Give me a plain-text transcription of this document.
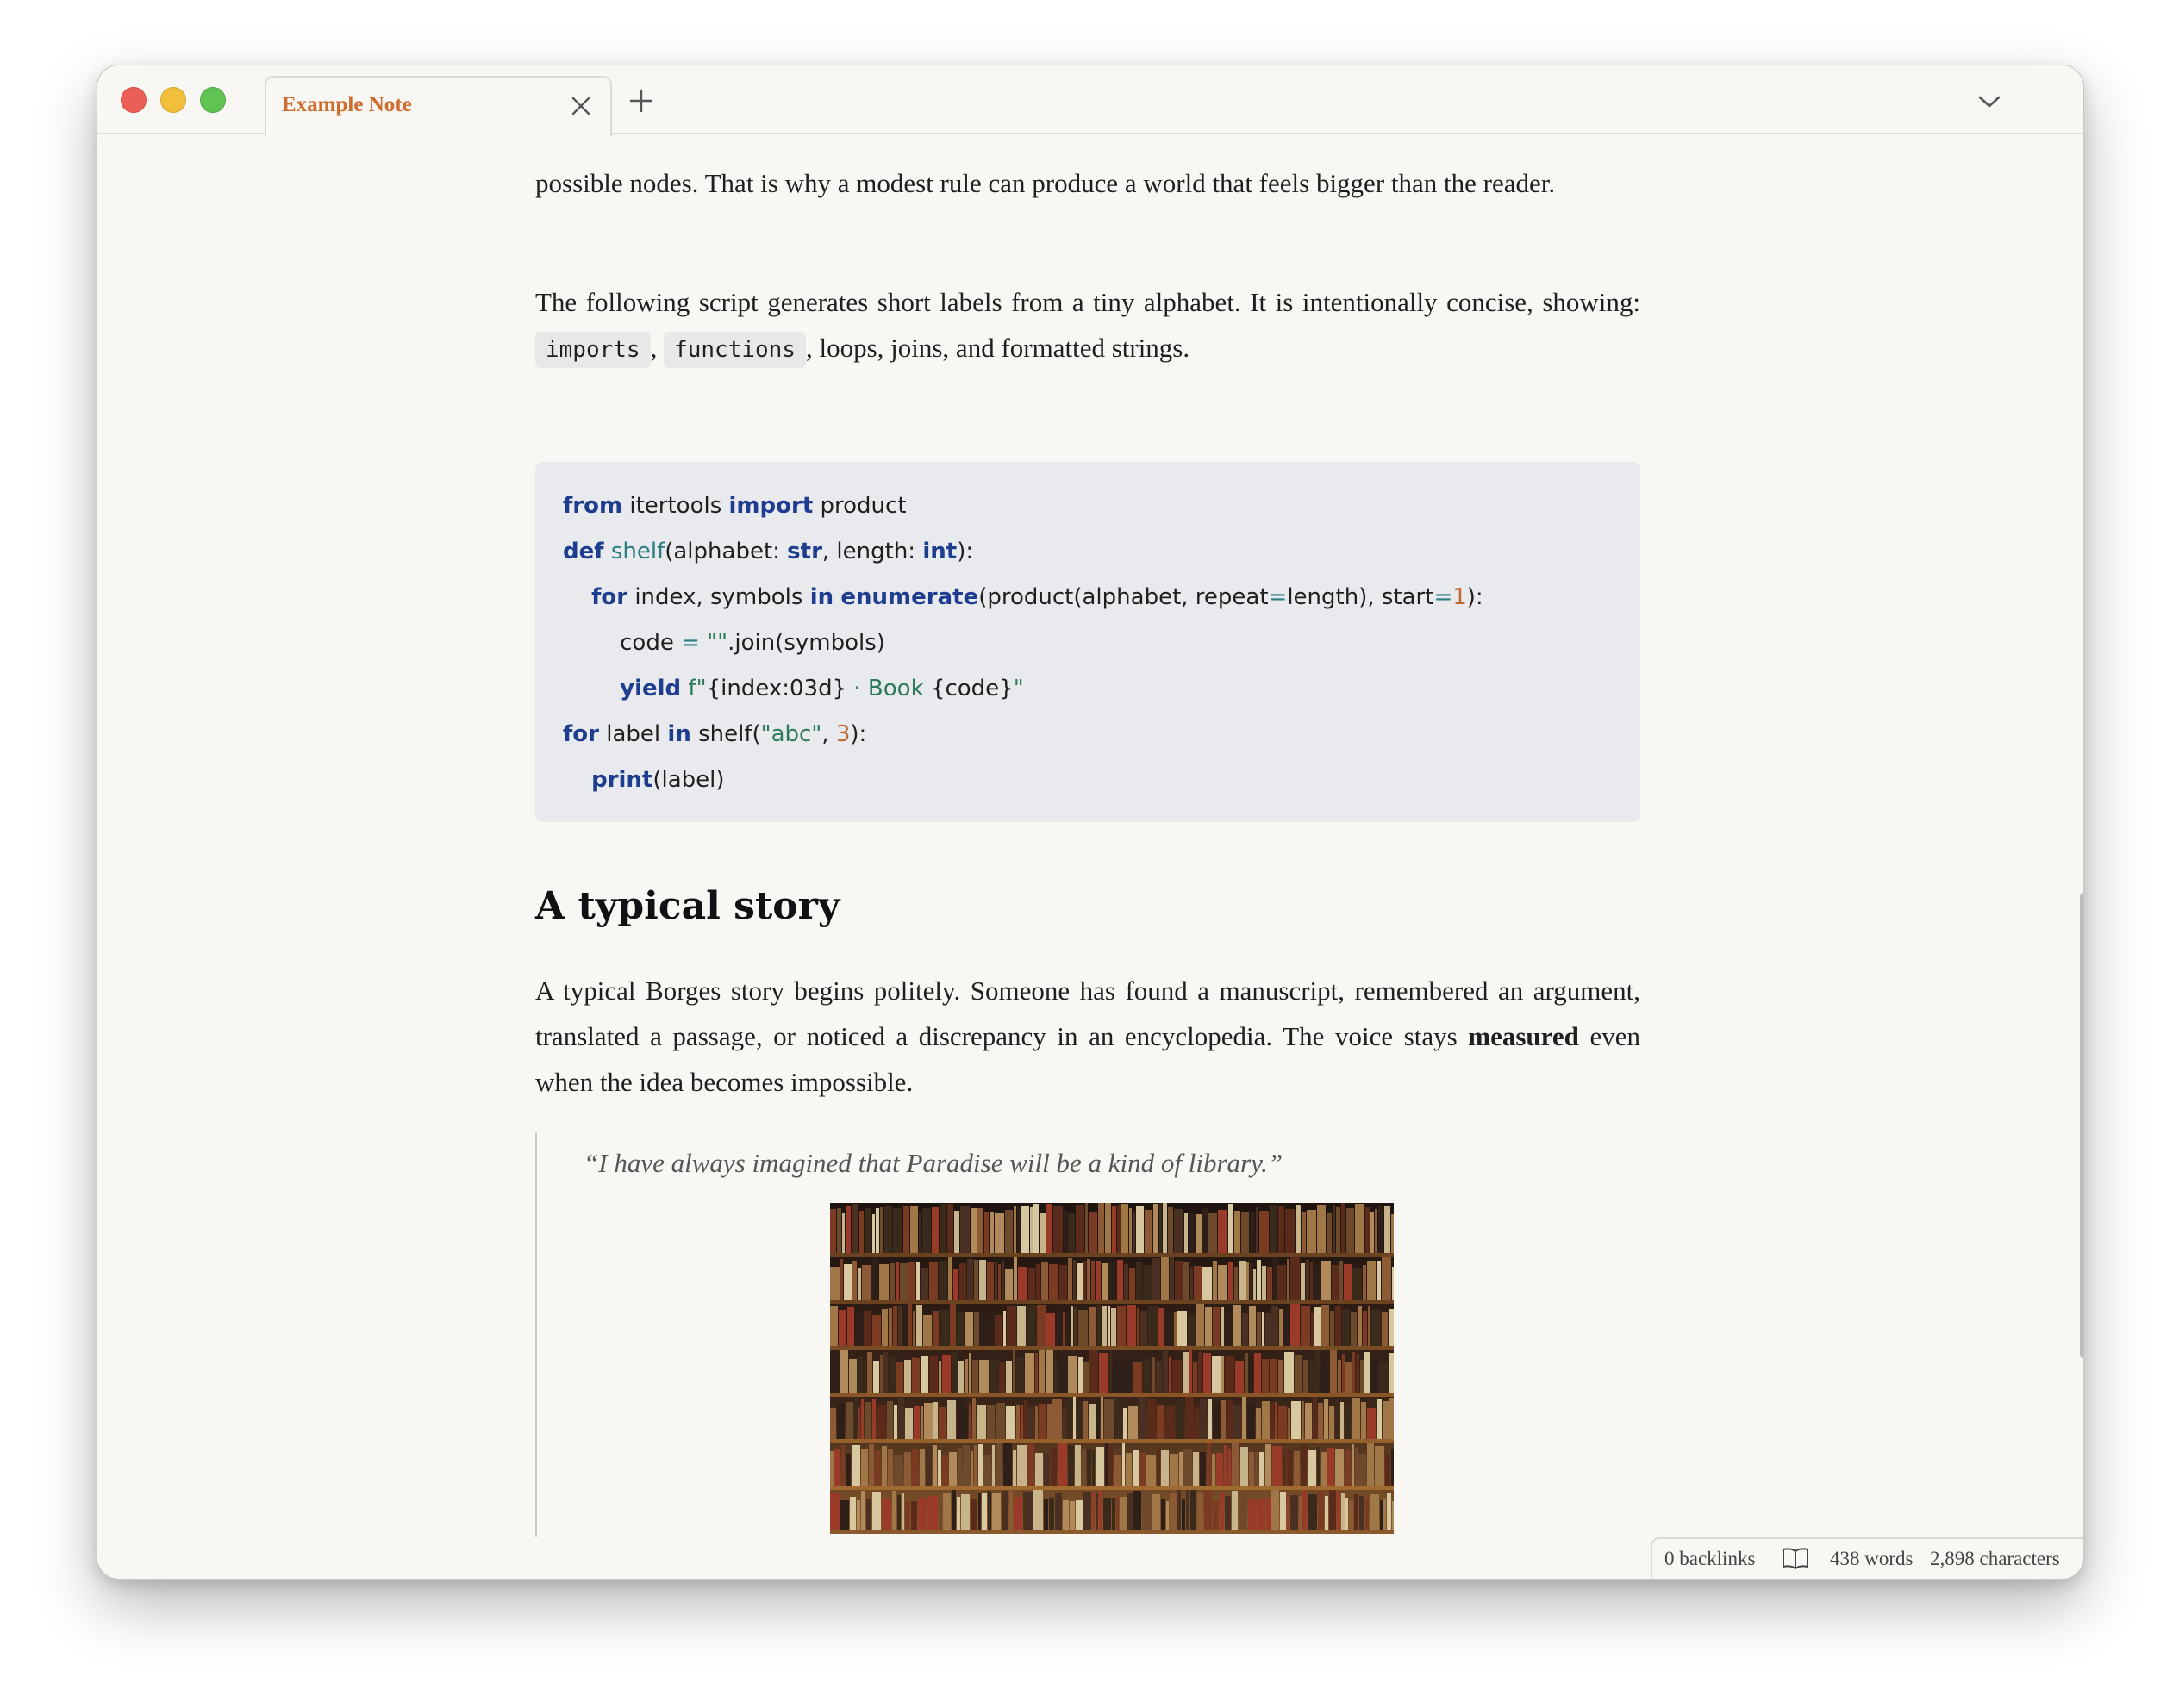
Example Note

possible nodes. That is why a modest rule can produce a world that feels bigger than the reader.

The following script generates short labels from a tiny alphabet. It is intentionally concise, showing: imports , functions , loops, joins, and formatted strings.

from itertools import product
def shelf(alphabet: str, length: int):
for index, symbols in enumerate(product(alphabet, repeat=length), start=1):
code = "".join(symbols)
yield f"{index:03d} · Book {code}"
for label in shelf("abc", 3):
print(label)
A typical story

A typical Borges story begins politely. Someone has found a manuscript, remembered an argument, translated a passage, or noticed a discrepancy in an encyclopedia. The voice stays measured even when the idea becomes impossible.

“I have always imagined that Paradise will be a kind of library.”
0 backlinks	438 words 2,898 characters
